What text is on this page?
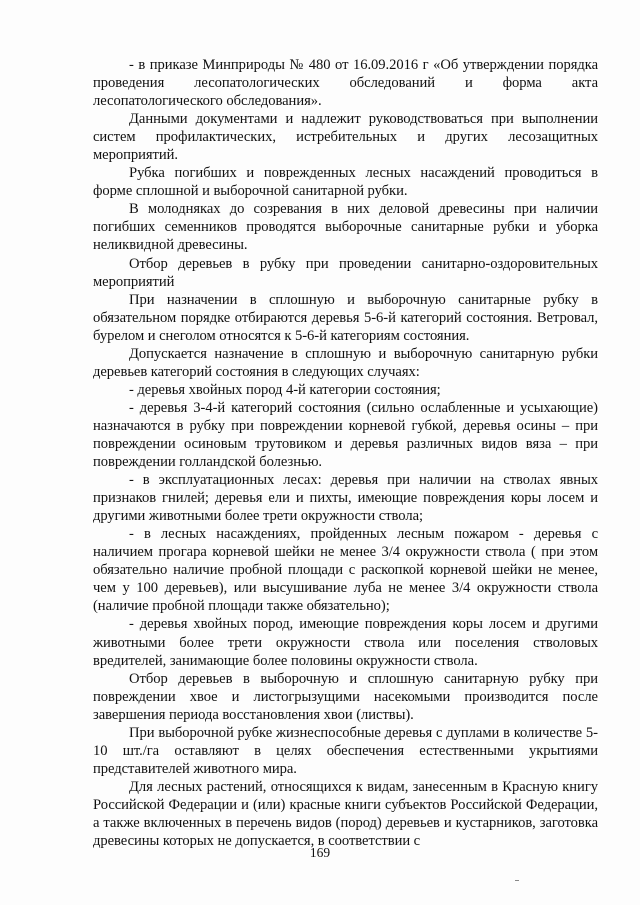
- в приказе Минприроды № 480 от 16.09.2016 г «Об утверждении порядка проведения лесопатологических обследований и форма акта лесопатологического обследования».

Данными документами и надлежит руководствоваться при выполнении систем профилактических, истребительных и других лесозащитных мероприятий.

Рубка погибших и поврежденных лесных насаждений проводиться в форме сплошной и выборочной санитарной рубки.

В молодняках до созревания в них деловой древесины при наличии погибших семенников проводятся выборочные санитарные рубки и уборка неликвидной древесины.

Отбор деревьев в рубку при проведении санитарно-оздоровительных мероприятий

При назначении в сплошную и выборочную санитарные рубку в обязательном порядке отбираются деревья 5-6-й категорий состояния. Ветровал, бурелом и снеголом относятся к 5-6-й категориям состояния.

Допускается назначение в сплошную и выборочную санитарную рубки деревьев категорий состояния в следующих случаях:

- деревья хвойных пород 4-й категории состояния;

- деревья 3-4-й категорий состояния (сильно ослабленные и усыхающие) назначаются в рубку при повреждении корневой губкой, деревья осины – при повреждении осиновым трутовиком и деревья различных видов вяза – при повреждении голландской болезнью.

- в эксплуатационных лесах: деревья при наличии на стволах явных признаков гнилей; деревья ели и пихты, имеющие повреждения коры лосем и другими животными более трети окружности ствола;

- в лесных насаждениях, пройденных лесным пожаром - деревья с наличием прогара корневой шейки не менее 3/4 окружности ствола ( при этом обязательно наличие пробной площади с раскопкой корневой шейки не менее, чем у 100 деревьев), или высушивание луба не менее 3/4 окружности ствола (наличие пробной площади также обязательно);

- деревья хвойных пород, имеющие повреждения коры лосем и другими животными более трети окружности ствола или поселения стволовых вредителей, занимающие более половины окружности ствола.

Отбор деревьев в выборочную и сплошную санитарную рубку при повреждении хвое и листогрызущими насекомыми производится после завершения периода восстановления хвои (листвы).

При выборочной рубке жизнеспособные деревья с дуплами в количестве 5-10 шт./га оставляют в целях обеспечения естественными укрытиями представителей животного мира.

Для лесных растений, относящихся к видам, занесенным в Красную книгу Российской Федерации и (или) красные книги субъектов Российской Федерации, а также включенных в перечень видов (пород) деревьев и кустарников, заготовка древесины которых не допускается, в соответствии с

169
